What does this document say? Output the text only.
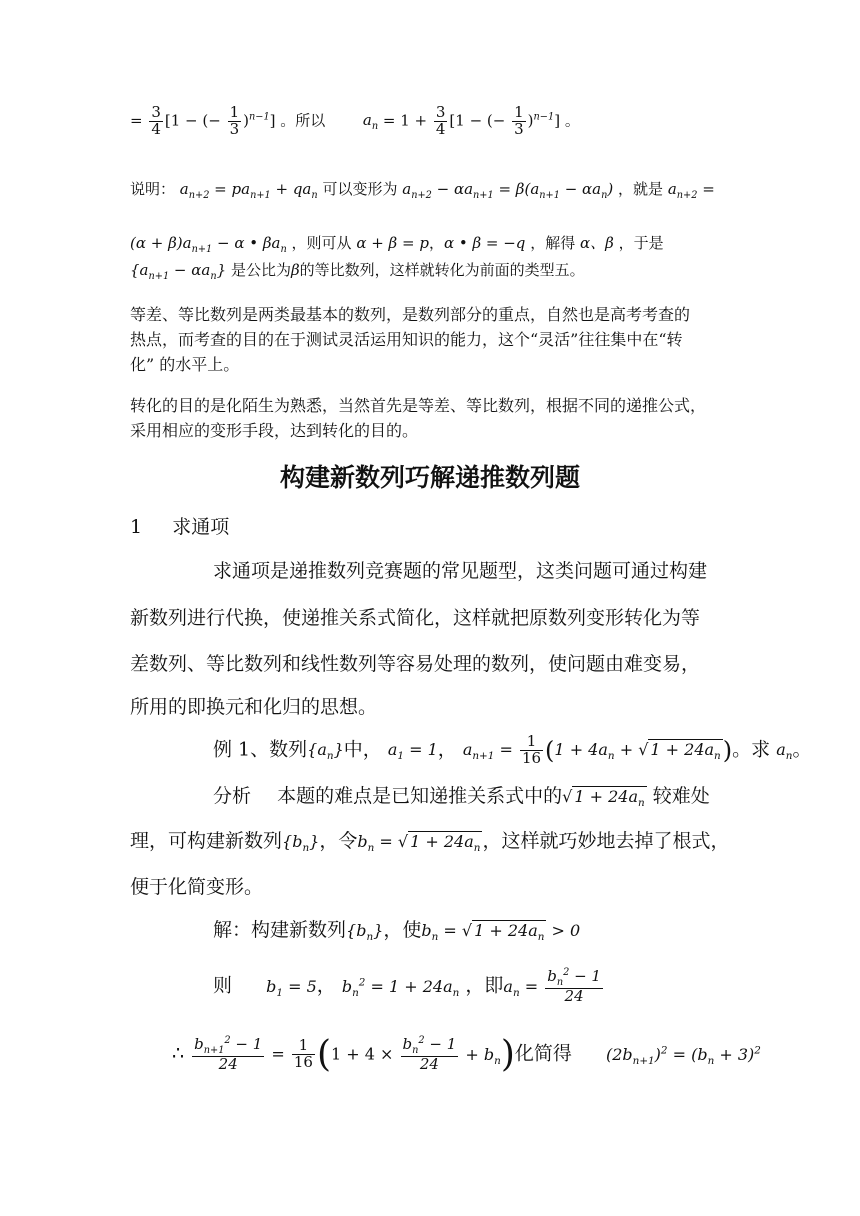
= $\frac{3}{4} [1$ − (− $\frac{1}{3} )^{n-1}$] 。所以	$a_n = 1 + \frac{3}{4} [1$ − (− $\frac{1}{3} )^{n-1}$] 。
说明： $a_{n+2} = pa_{n+1} + qa_n$ 可以变形为 $a_{n+2} - \alpha a_{n+1} = \beta(a_{n+1} - \alpha a_n)$ ，就是 $a_{n+2}$ =
$(\alpha + \beta)a_{n+1} - \alpha$ • $\beta a_n$ ，则可从 α + β = p，α • β = −q ，解得 α、β ，于是
$\{a_{n+1} - \alpha a_n\}$ 是公比为β的等比数列，这样就转化为前面的类型五。
等差、等比数列是两类最基本的数列，是数列部分的重点，自然也是高考考查的
热点，而考查的目的在于测试灵活运用知识的能力，这个“灵活”往往集中在“转
化” 的水平上。
转化的目的是化陌生为熟悉，当然首先是等差、等比数列，根据不同的递推公式，
采用相应的变形手段，达到转化的目的。
构建新数列巧解递推数列题
1 求通项
求通项是递推数列竞赛题的常见题型，这类问题可通过构建
新数列进行代换，使递推关系式简化，这样就把原数列变形转化为等
差数列、等比数列和线性数列等容易处理的数列，使问题由难变易，
所用的即换元和化归的思想。
例 1、数列$\{a_n\}$中， $a_1 = 1$， $a_{n+1} = \frac{1}{16} (1 + 4a_n$ + √ $1 + 24a_n$)。求 $a_n$。
分析 本题的难点是已知递推关系式中的√ $1 + 24a_n$ 较难处
理，可构建新数列$\{b_n\}$，令$b_n$ = √ $1 + 24a_n$ ，这样就巧妙地去掉了根式，
便于化简变形。
解：构建新数列$\{b_n\}$，使$b_n$ = √ $1 + 24a_n > 0$
则 $b_1 = 5$， $b_n^2 = 1 + 24a_n$ ，即$a_n = \frac{b_n^2 - 1}{24}$
∴ $\frac{b_{n+1}^2 - 1}{24} = \frac{1}{16} (1 + 4 \times \frac{b_n^2 - 1}{24} + b_n)$化简得 $(2b_{n+1})^2 = (b_n + 3)^2$
